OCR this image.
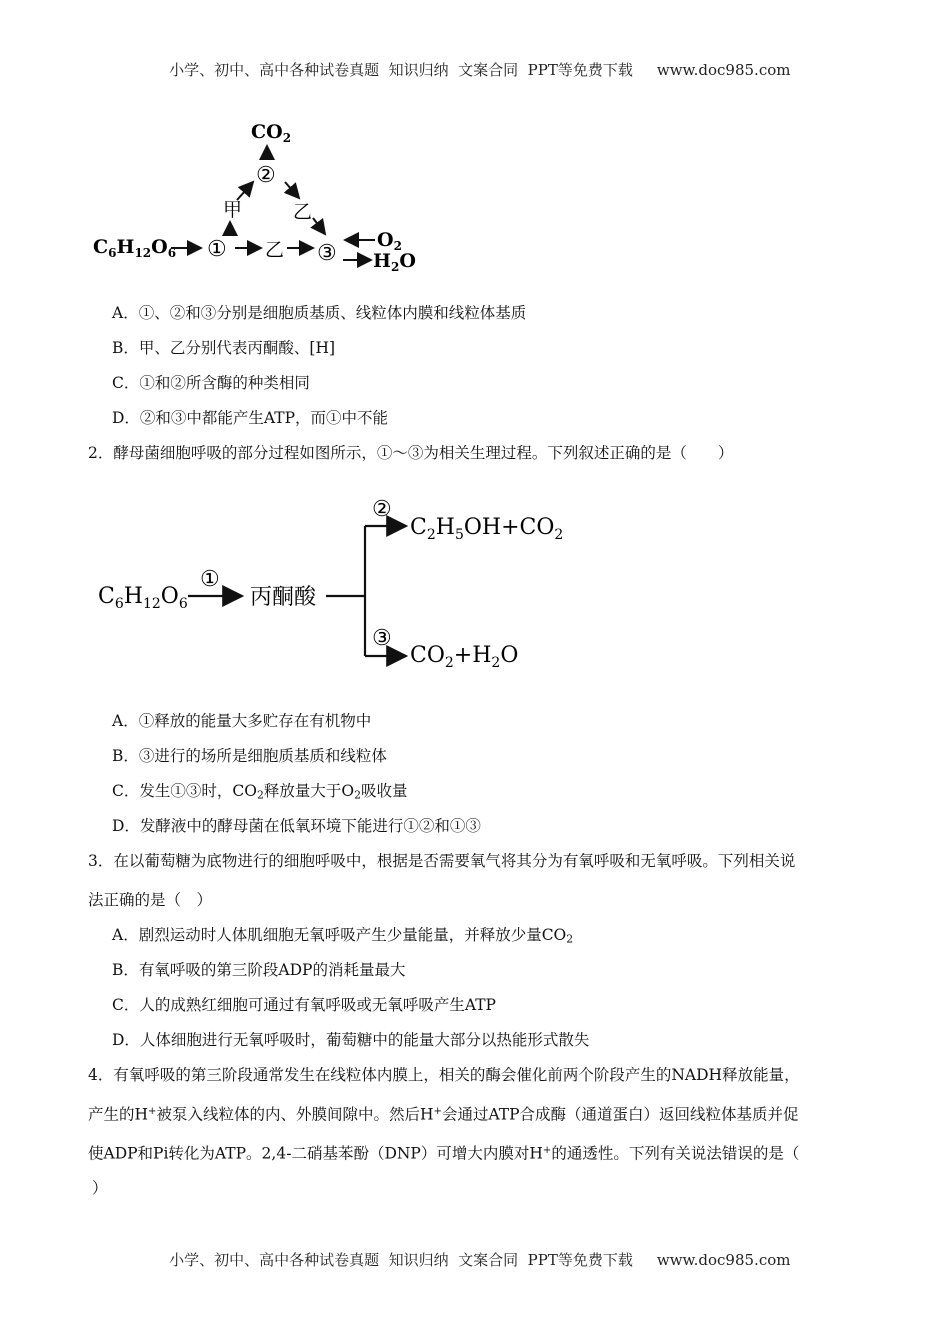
小学、初中、高中各种试卷真题  知识归纳  文案合同  PPT等免费下载 www.doc985.com

$CO_2$
②
甲	乙
$C_6H_{12}O_6$ ① 乙 ③
$O_2$
$H_2O$
A．①、②和③分别是细胞质基质、线粒体内膜和线粒体基质
B．甲、乙分别代表丙酮酸、[H]
C．①和②所含酶的种类相同
D．②和③中都能产生ATP，而①中不能
2．酵母菌细胞呼吸的部分过程如图所示，①～③为相关生理过程。下列叙述正确的是（　　）
$C_6H_{12}O_6$
①
丙酮酸
②
③
$C_2H_5OH+CO_2$
$CO_2+H_2O$
A．①释放的能量大多贮存在有机物中
B．③进行的场所是细胞质基质和线粒体
C．发生①③时，$CO_2$释放量大于$O_2$吸收量
D．发酵液中的酵母菌在低氧环境下能进行①②和①③
3．在以葡萄糖为底物进行的细胞呼吸中，根据是否需要氧气将其分为有氧呼吸和无氧呼吸。下列相关说
法正确的是（　）
A．剧烈运动时人体肌细胞无氧呼吸产生少量能量，并释放少量$CO_2$
B．有氧呼吸的第三阶段ADP的消耗量最大
C．人的成熟红细胞可通过有氧呼吸或无氧呼吸产生ATP
D．人体细胞进行无氧呼吸时，葡萄糖中的能量大部分以热能形式散失
4．有氧呼吸的第三阶段通常发生在线粒体内膜上，相关的酶会催化前两个阶段产生的NADH释放能量，
产生的H+被泵入线粒体的内、外膜间隙中。然后H+会通过ATP合成酶（通道蛋白）返回线粒体基质并促
使ADP和Pi转化为ATP。2,4-二硝基苯酚（DNP）可增大内膜对H+的通透性。下列有关说法错误的是（
）

小学、初中、高中各种试卷真题  知识归纳  文案合同  PPT等免费下载 www.doc985.com
